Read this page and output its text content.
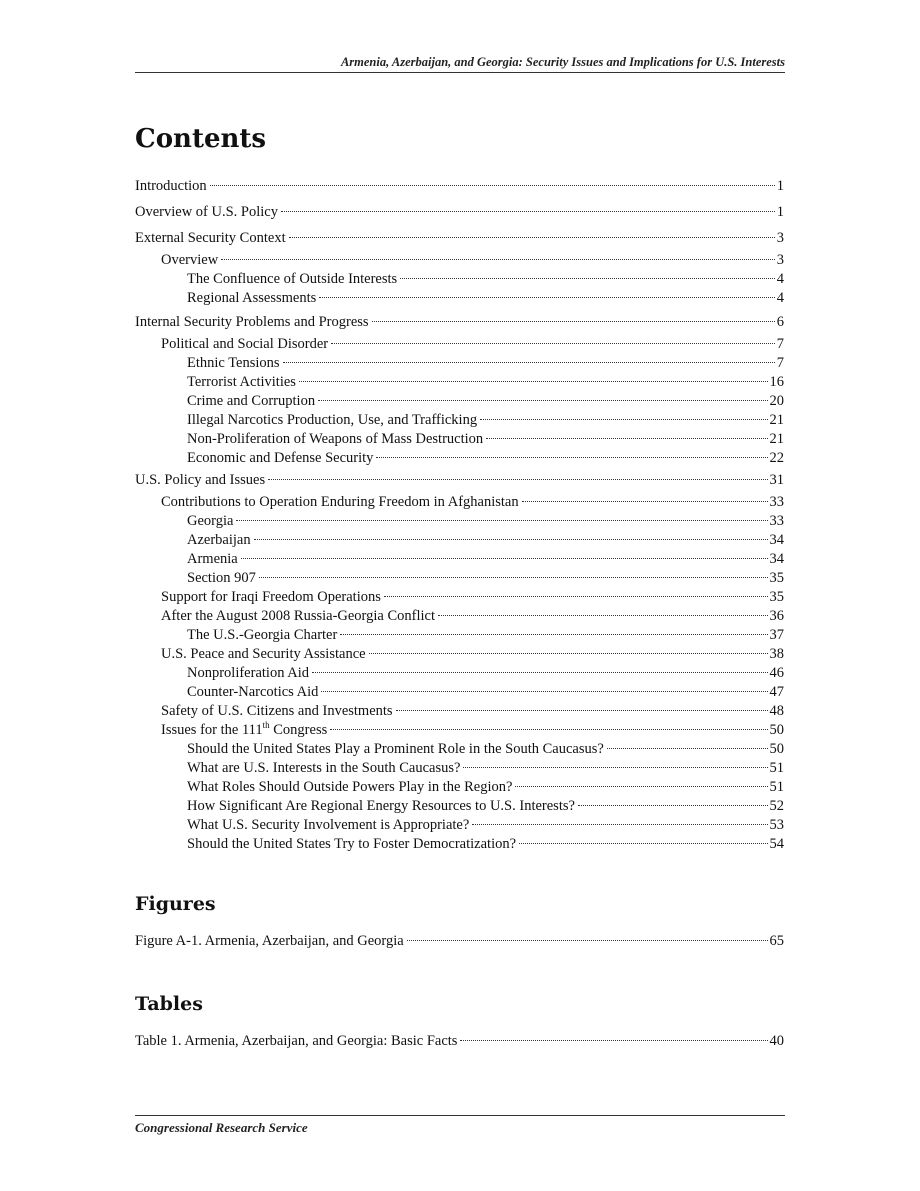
Armenia, Azerbaijan, and Georgia: Security Issues and Implications for U.S. Interests
Contents
Introduction	1
Overview of U.S. Policy	1
External Security Context	3
Overview	3
The Confluence of Outside Interests	4
Regional Assessments	4
Internal Security Problems and Progress	6
Political and Social Disorder	7
Ethnic Tensions	7
Terrorist Activities	16
Crime and Corruption	20
Illegal Narcotics Production, Use, and Trafficking	21
Non-Proliferation of Weapons of Mass Destruction	21
Economic and Defense Security	22
U.S. Policy and Issues	31
Contributions to Operation Enduring Freedom in Afghanistan	33
Georgia	33
Azerbaijan	34
Armenia	34
Section 907	35
Support for Iraqi Freedom Operations	35
After the August 2008 Russia-Georgia Conflict	36
The U.S.-Georgia Charter	37
U.S. Peace and Security Assistance	38
Nonproliferation Aid	46
Counter-Narcotics Aid	47
Safety of U.S. Citizens and Investments	48
Issues for the 111th Congress	50
Should the United States Play a Prominent Role in the South Caucasus?	50
What are U.S. Interests in the South Caucasus?	51
What Roles Should Outside Powers Play in the Region?	51
How Significant Are Regional Energy Resources to U.S. Interests?	52
What U.S. Security Involvement is Appropriate?	53
Should the United States Try to Foster Democratization?	54
Figures
Figure A-1. Armenia, Azerbaijan, and Georgia	65
Tables
Table 1. Armenia, Azerbaijan, and Georgia: Basic Facts	40
Congressional Research Service
